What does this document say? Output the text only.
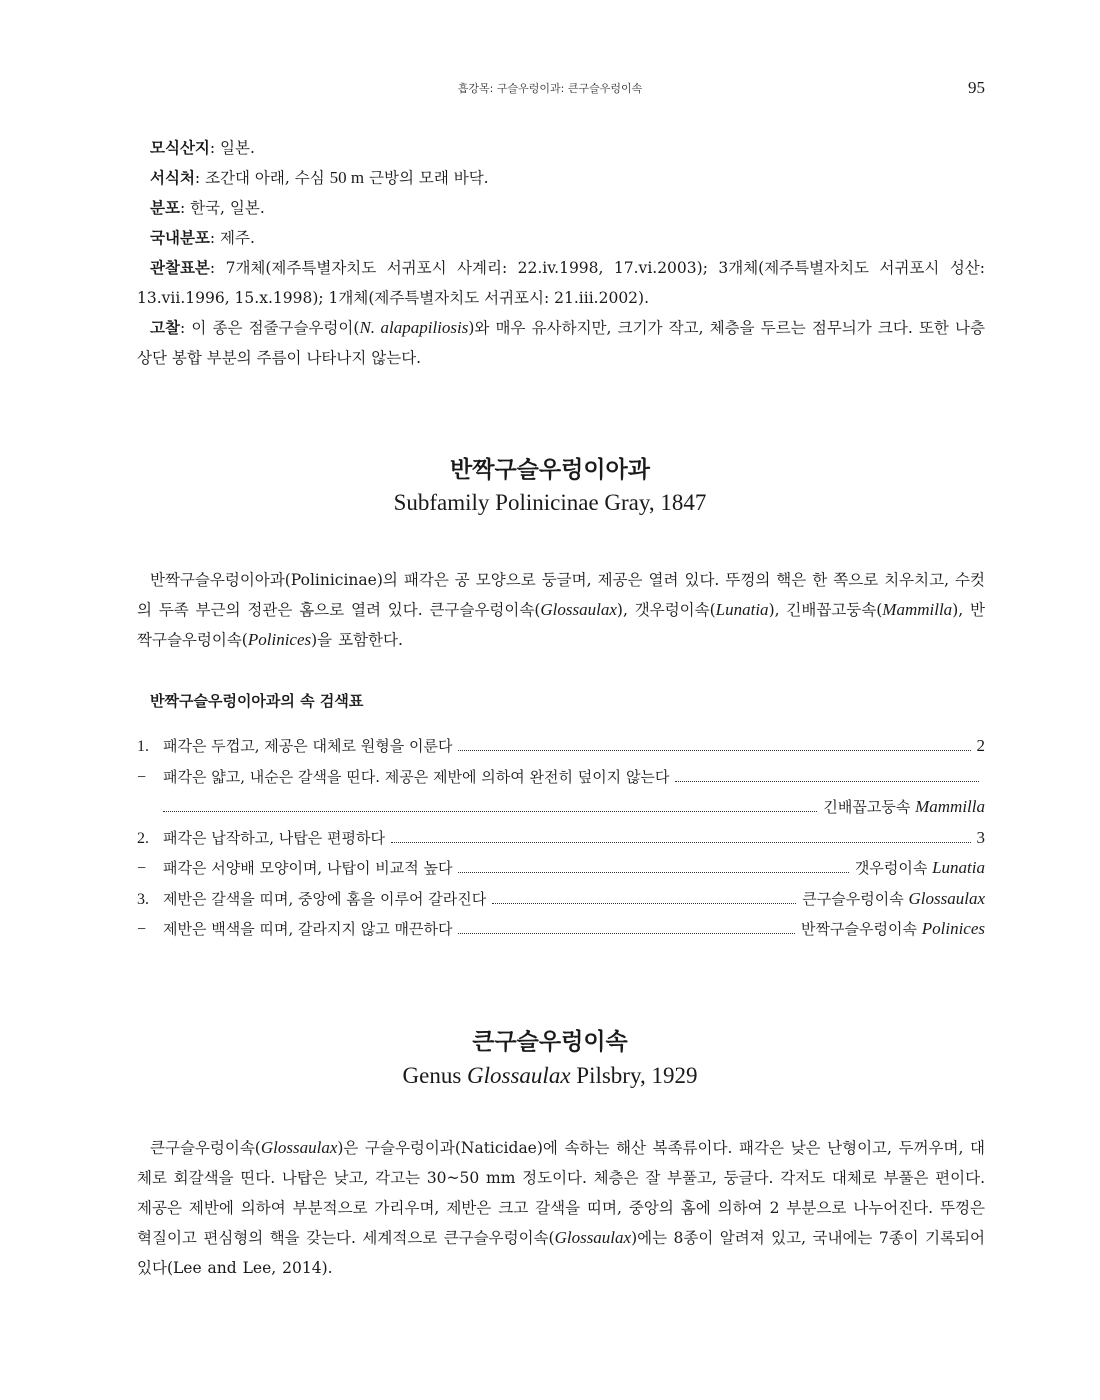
흡강목: 구슬우렁이과: 큰구슬우렁이속	95

모식산지: 일본.

서식처: 조간대 아래, 수심 50 m 근방의 모래 바닥.

분포: 한국, 일본.

국내분포: 제주.

관찰표본: 7개체(제주특별자치도 서귀포시 사계리: 22.iv.1998, 17.vi.2003); 3개체(제주특별자치도 서귀포시 성산: 13.vii.1996, 15.x.1998); 1개체(제주특별자치도 서귀포시: 21.iii.2002).

고찰: 이 종은 점줄구슬우렁이(N. alapapiliosis)와 매우 유사하지만, 크기가 작고, 체층을 두르는 점무늬가 크다. 또한 나층 상단 봉합 부분의 주름이 나타나지 않는다.

반짝구슬우렁이아과
Subfamily Polinicinae Gray, 1847

반짝구슬우렁이아과(Polinicinae)의 패각은 공 모양으로 둥글며, 제공은 열려 있다. 뚜껑의 핵은 한 쪽으로 치우치고, 수컷의 두족 부근의 정관은 홈으로 열려 있다. 큰구슬우렁이속(Glossaulax), 갯우렁이속(Lunatia), 긴배꼽고둥속(Mammilla), 반짝구슬우렁이속(Polinices)을 포함한다.

반짝구슬우렁이아과의 속 검색표
1. 패각은 두껍고, 제공은 대체로 원형을 이룬다	2
−	패각은 얇고, 내순은 갈색을 띤다. 제공은 제반에 의하여 완전히 덮이지 않는다
긴배꼽고둥속 Mammilla
2. 패각은 납작하고, 나탑은 편평하다	3
−	패각은 서양배 모양이며, 나탑이 비교적 높다	갯우렁이속 Lunatia
3. 제반은 갈색을 띠며, 중앙에 홈을 이루어 갈라진다	큰구슬우렁이속 Glossaulax
−	제반은 백색을 띠며, 갈라지지 않고 매끈하다	반짝구슬우렁이속 Polinices
큰구슬우렁이속
Genus Glossaulax Pilsbry, 1929

큰구슬우렁이속(Glossaulax)은 구슬우렁이과(Naticidae)에 속하는 해산 복족류이다. 패각은 낮은 난형이고, 두꺼우며, 대체로 회갈색을 띤다. 나탑은 낮고, 각고는 30~50 mm 정도이다. 체층은 잘 부풀고, 둥글다. 각저도 대체로 부풀은 편이다. 제공은 제반에 의하여 부분적으로 가리우며, 제반은 크고 갈색을 띠며, 중앙의 홈에 의하여 2 부분으로 나누어진다. 뚜껑은 혁질이고 편심형의 핵을 갖는다. 세계적으로 큰구슬우렁이속(Glossaulax)에는 8종이 알려져 있고, 국내에는 7종이 기록되어 있다(Lee and Lee, 2014).
